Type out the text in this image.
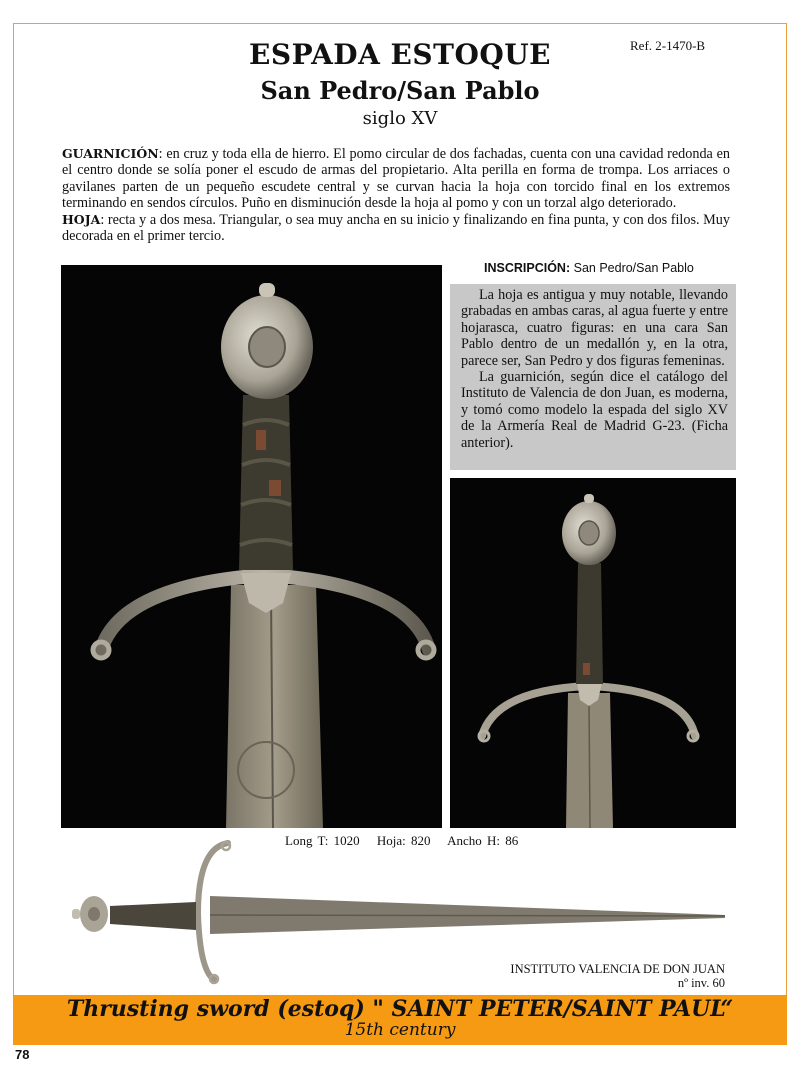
Ref. 2-1470-B
ESPADA ESTOQUE
San Pedro/San Pablo
siglo XV

GUARNICIÓN: en cruz y toda ella de hierro. El pomo circular de dos fachadas, cuenta con una cavidad redonda en el centro donde se solía poner el escudo de armas del propietario. Alta perilla en forma de trompa. Los arriaces o gavilanes parten de un pequeño escudete central y se curvan hacia la hoja con torcido final en los extremos terminando en sendos círculos. Puño en disminución desde la hoja al pomo y con un torzal algo deteriorado.

HOJA: recta y a dos mesa. Triangular, o sea muy ancha en su inicio y finalizando en fina punta, y con dos filos. Muy decorada en el primer tercio.

INSCRIPCIÓN: San Pedro/San Pablo

La hoja es antigua y muy notable, llevando grabadas en ambas caras, al agua fuerte y entre hojarasca, cuatro figuras: en una cara San Pablo dentro de un medallón y, en la otra, parece ser, San Pedro y dos figuras femeninas.

La guarnición, según dice el catálogo del Instituto de Valencia de don Juan, es moderna, y tomó como modelo la espada del siglo XV de la Armería Real de Madrid G-23. (Ficha anterior).

Long T: 1020 Hoja: 820 Ancho H: 86
INSTITUTO VALENCIA DE DON JUAN
nº inv. 60
Thrusting sword (estoq) " SAINT PETER/SAINT PAUL“
15th century
78
